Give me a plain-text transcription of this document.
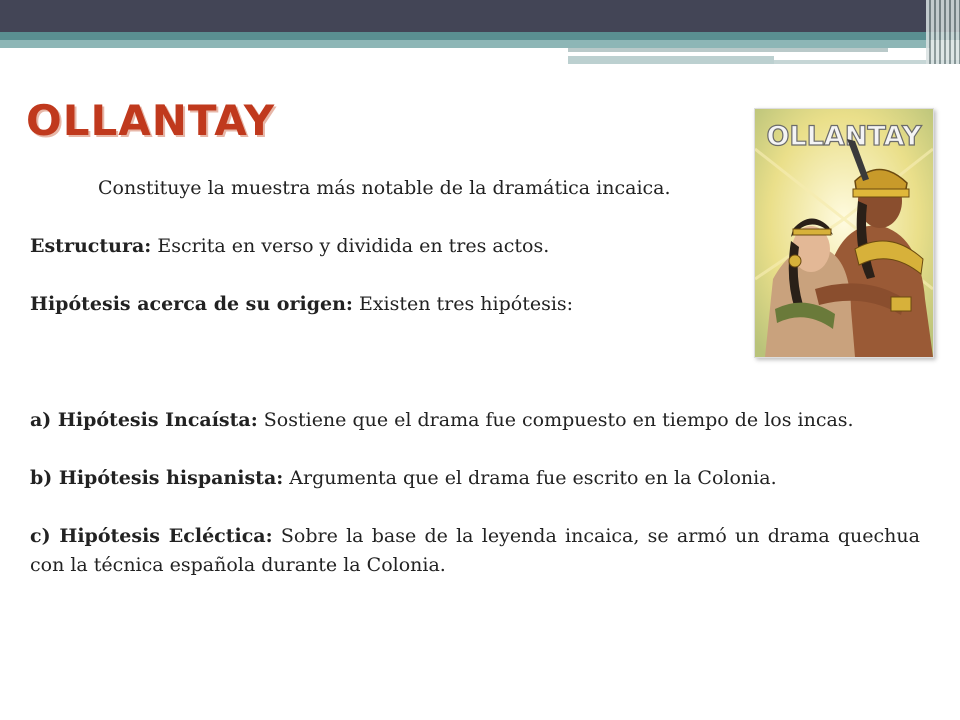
OLLANTAY

Constituye la muestra más notable de la dramática incaica.

Estructura: Escrita en verso y dividida en tres actos.

Hipótesis acerca de su origen: Existen tres hipótesis:

a) Hipótesis Incaísta: Sostiene que el drama fue compuesto en tiempo de los incas.

b) Hipótesis hispanista: Argumenta que el drama fue escrito en la Colonia.

c) Hipótesis Ecléctica: Sobre la base de la leyenda incaica, se armó un drama quechua con la técnica española durante la Colonia.

OLLANTAY
